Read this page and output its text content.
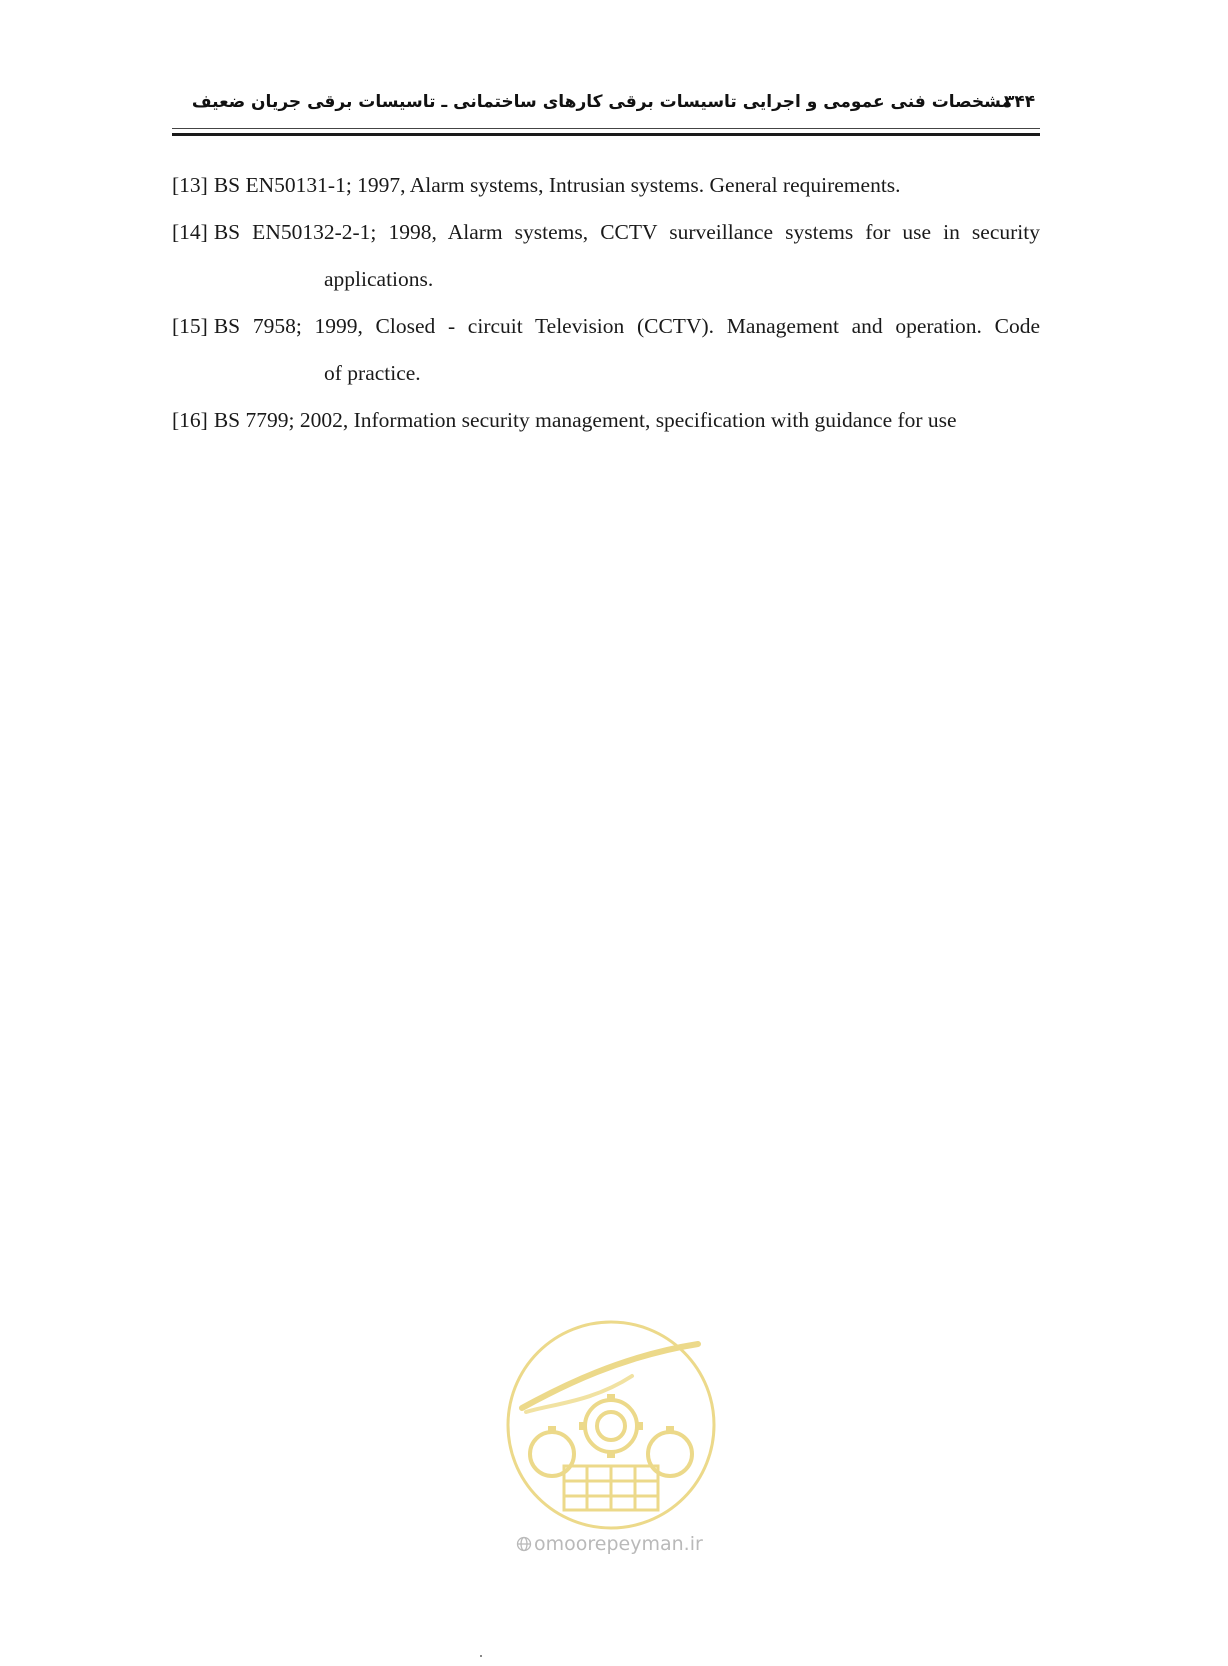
مشخصات فنی عمومی و اجرایی تاسیسات برقی کارهای ساختمانی ـ تاسیسات برقی جریان ضعیف
۳۴۴

[13] BS EN50131-1; 1997, Alarm systems, Intrusian systems. General requirements.

[14] BS EN50132-2-1; 1998, Alarm systems, CCTV surveillance systems for use in security
applications.

[15] BS 7958; 1999, Closed - circuit Television (CCTV). Management and operation. Code
of practice.

[16] BS 7799; 2002, Information security management, specification with guidance for use

omoorepeyman.ir
